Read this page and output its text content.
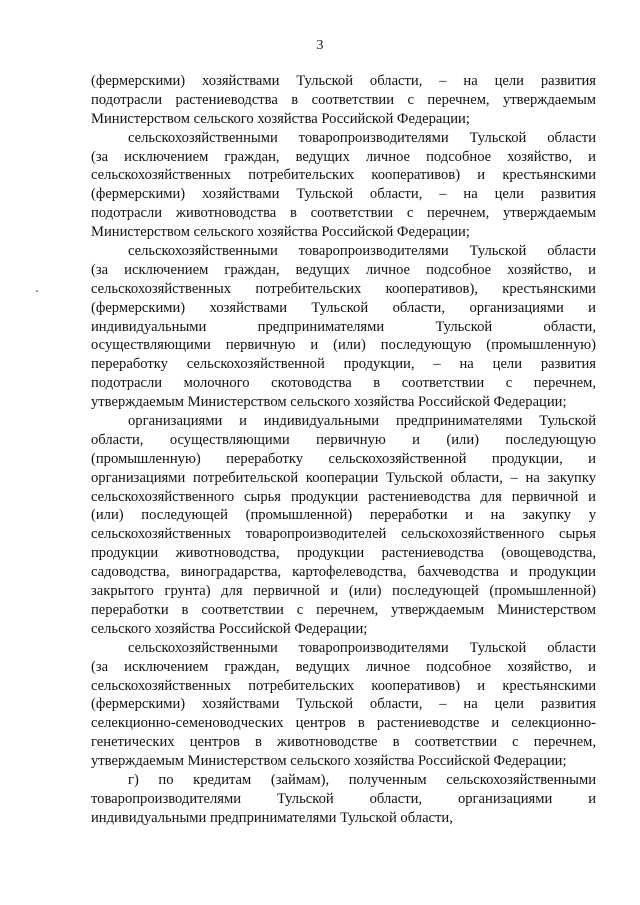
3
(фермерскими) хозяйствами Тульской области, – на цели развития
подотрасли растениеводства в соответствии с перечнем, утверждаемым
Министерством сельского хозяйства Российской Федерации;
сельскохозяйственными товаропроизводителями Тульской области
(за исключением граждан, ведущих личное подсобное хозяйство, и
сельскохозяйственных потребительских кооперативов) и крестьянскими
(фермерскими) хозяйствами Тульской области, – на цели развития
подотрасли животноводства в соответствии с перечнем, утверждаемым
Министерством сельского хозяйства Российской Федерации;
сельскохозяйственными товаропроизводителями Тульской области
(за исключением граждан, ведущих личное подсобное хозяйство, и
сельскохозяйственных потребительских кооперативов), крестьянскими
(фермерскими) хозяйствами Тульской области, организациями и
индивидуальными предпринимателями Тульской области,
осуществляющими первичную и (или) последующую (промышленную)
переработку сельскохозяйственной продукции, – на цели развития
подотрасли молочного скотоводства в соответствии с перечнем,
утверждаемым Министерством сельского хозяйства Российской Федерации;
организациями и индивидуальными предпринимателями Тульской
области, осуществляющими первичную и (или) последующую
(промышленную) переработку сельскохозяйственной продукции, и
организациями потребительской кооперации Тульской области, – на закупку
сельскохозяйственного сырья продукции растениеводства для первичной и
(или) последующей (промышленной) переработки и на закупку у
сельскохозяйственных товаропроизводителей сельскохозяйственного сырья
продукции животноводства, продукции растениеводства (овощеводства,
садоводства, виноградарства, картофелеводства, бахчеводства и продукции
закрытого грунта) для первичной и (или) последующей (промышленной)
переработки в соответствии с перечнем, утверждаемым Министерством
сельского хозяйства Российской Федерации;
сельскохозяйственными товаропроизводителями Тульской области
(за исключением граждан, ведущих личное подсобное хозяйство, и
сельскохозяйственных потребительских кооперативов) и крестьянскими
(фермерскими) хозяйствами Тульской области, – на цели развития
селекционно-семеноводческих центров в растениеводстве и селекционно-
генетических центров в животноводстве в соответствии с перечнем,
утверждаемым Министерством сельского хозяйства Российской Федерации;
г) по кредитам (займам), полученным сельскохозяйственными
товаропроизводителями Тульской области, организациями и
индивидуальными предпринимателями Тульской области,
